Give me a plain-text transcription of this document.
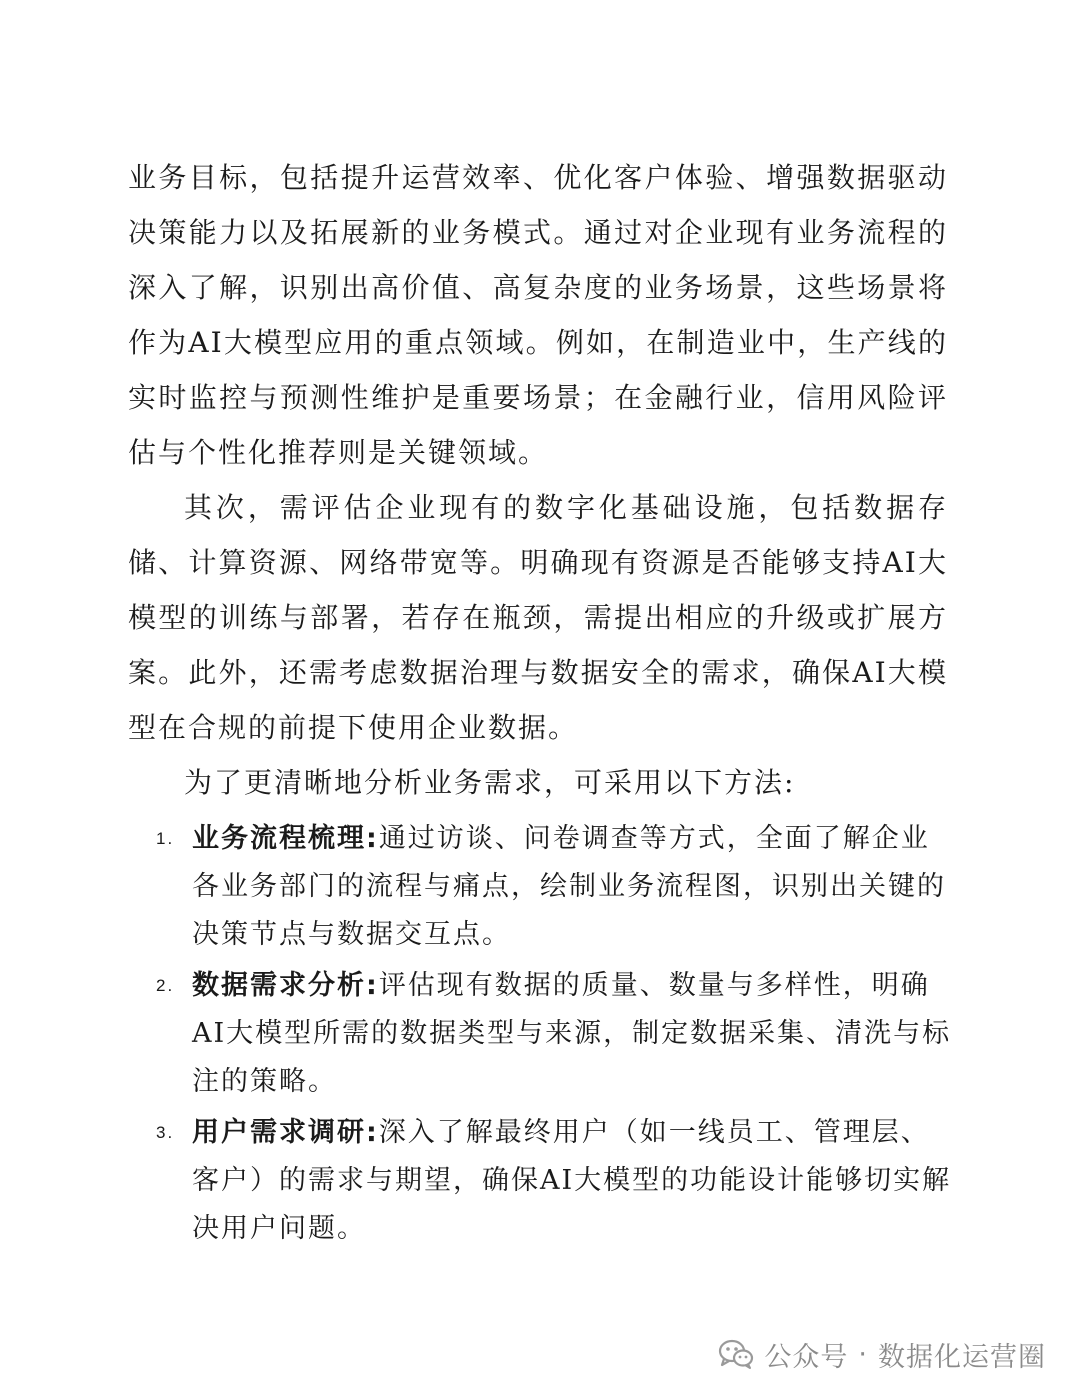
业务目标，包括提升运营效率、优化客户体验、增强数据驱动决策能力以及拓展新的业务模式。通过对企业现有业务流程的深入了解，识别出高价值、高复杂度的业务场景，这些场景将作为AI大模型应用的重点领域。例如，在制造业中，生产线的实时监控与预测性维护是重要场景；在金融行业，信用风险评估与个性化推荐则是关键领域。

其次，需评估企业现有的数字化基础设施，包括数据存储、计算资源、网络带宽等。明确现有资源是否能够支持AI大模型的训练与部署，若存在瓶颈，需提出相应的升级或扩展方案。此外，还需考虑数据治理与数据安全的需求，确保AI大模型在合规的前提下使用企业数据。

为了更清晰地分析业务需求，可采用以下方法:

1. 业务流程梳理:通过访谈、问卷调查等方式，全面了解企业各业务部门的流程与痛点，绘制业务流程图，识别出关键的决策节点与数据交互点。
2. 数据需求分析:评估现有数据的质量、数量与多样性，明确AI大模型所需的数据类型与来源，制定数据采集、清洗与标注的策略。
3. 用户需求调研:深入了解最终用户（如一线员工、管理层、客户）的需求与期望，确保AI大模型的功能设计能够切实解决用户问题。
公众号 · 数据化运营圈
